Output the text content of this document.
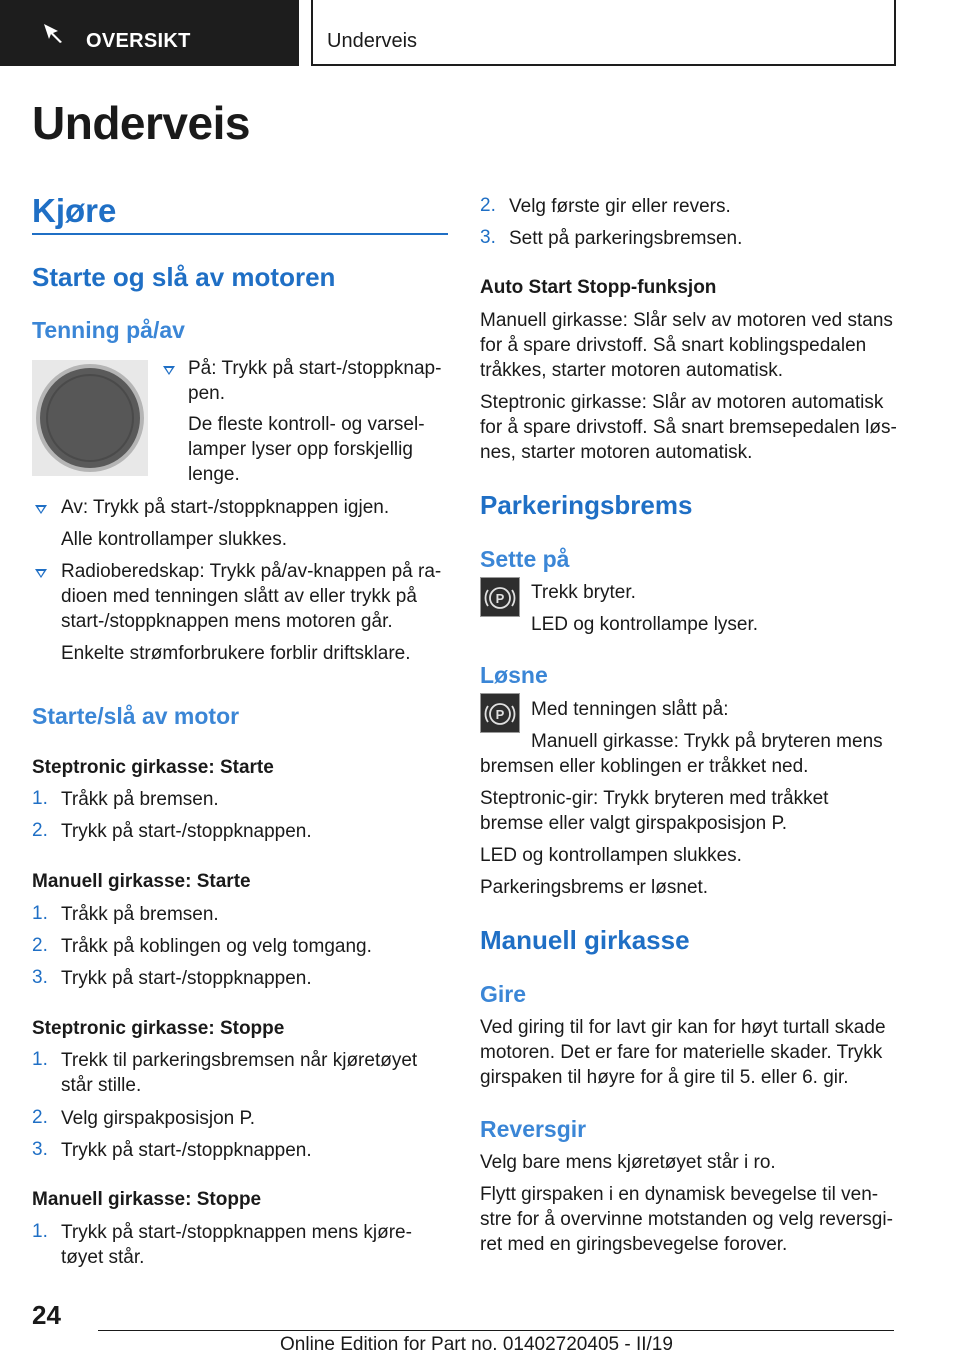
OVERSIKT	Underveis
Underveis
Kjøre
Starte og slå av motoren
Tenning på/av
På: Trykk på start-/stoppknap-
pen.
De fleste kontroll- og varsel-
lamper lyser opp forskjellig
lenge.
Av: Trykk på start-/stoppknappen igjen.
Alle kontrollamper slukkes.
Radioberedskap: Trykk på/av-knappen på ra-
dioen med tenningen slått av eller trykk på
start-/stoppknappen mens motoren går.
Enkelte strømforbrukere forblir driftsklare.
Starte/slå av motor
Steptronic girkasse: Starte
1. Tråkk på bremsen.
2. Trykk på start-/stoppknappen.
Manuell girkasse: Starte
1. Tråkk på bremsen.
2. Tråkk på koblingen og velg tomgang.
3. Trykk på start-/stoppknappen.
Steptronic girkasse: Stoppe
1. Trekk til parkeringsbremsen når kjøretøyet
står stille.
2. Velg girspakposisjon P.
3. Trykk på start-/stoppknappen.
Manuell girkasse: Stoppe
1. Trykk på start-/stoppknappen mens kjøre-
tøyet står.
2. Velg første gir eller revers.
3. Sett på parkeringsbremsen.
Auto Start Stopp-funksjon
Manuell girkasse: Slår selv av motoren ved stans
for å spare drivstoff. Så snart koblingspedalen
tråkkes, starter motoren automatisk.
Steptronic girkasse: Slår av motoren automatisk
for å spare drivstoff. Så snart bremsepedalen løs-
nes, starter motoren automatisk.
Parkeringsbrems
Sette på
P Trekk bryter.
LED og kontrollampe lyser.
Løsne
P Med tenningen slått på:
Manuell girkasse: Trykk på bryteren mens
bremsen eller koblingen er tråkket ned.
Steptronic-gir: Trykk bryteren med tråkket
bremse eller valgt girspakposisjon P.
LED og kontrollampen slukkes.
Parkeringsbrems er løsnet.
Manuell girkasse
Gire
Ved giring til for lavt gir kan for høyt turtall skade
motoren. Det er fare for materielle skader. Trykk
girspaken til høyre for å gire til 5. eller 6. gir.
Reversgir
Velg bare mens kjøretøyet står i ro.
Flytt girspaken i en dynamisk bevegelse til ven-
stre for å overvinne motstanden og velg reversgi-
ret med en giringsbevegelse forover.
24
Online Edition for Part no. 01402720405 - II/19
